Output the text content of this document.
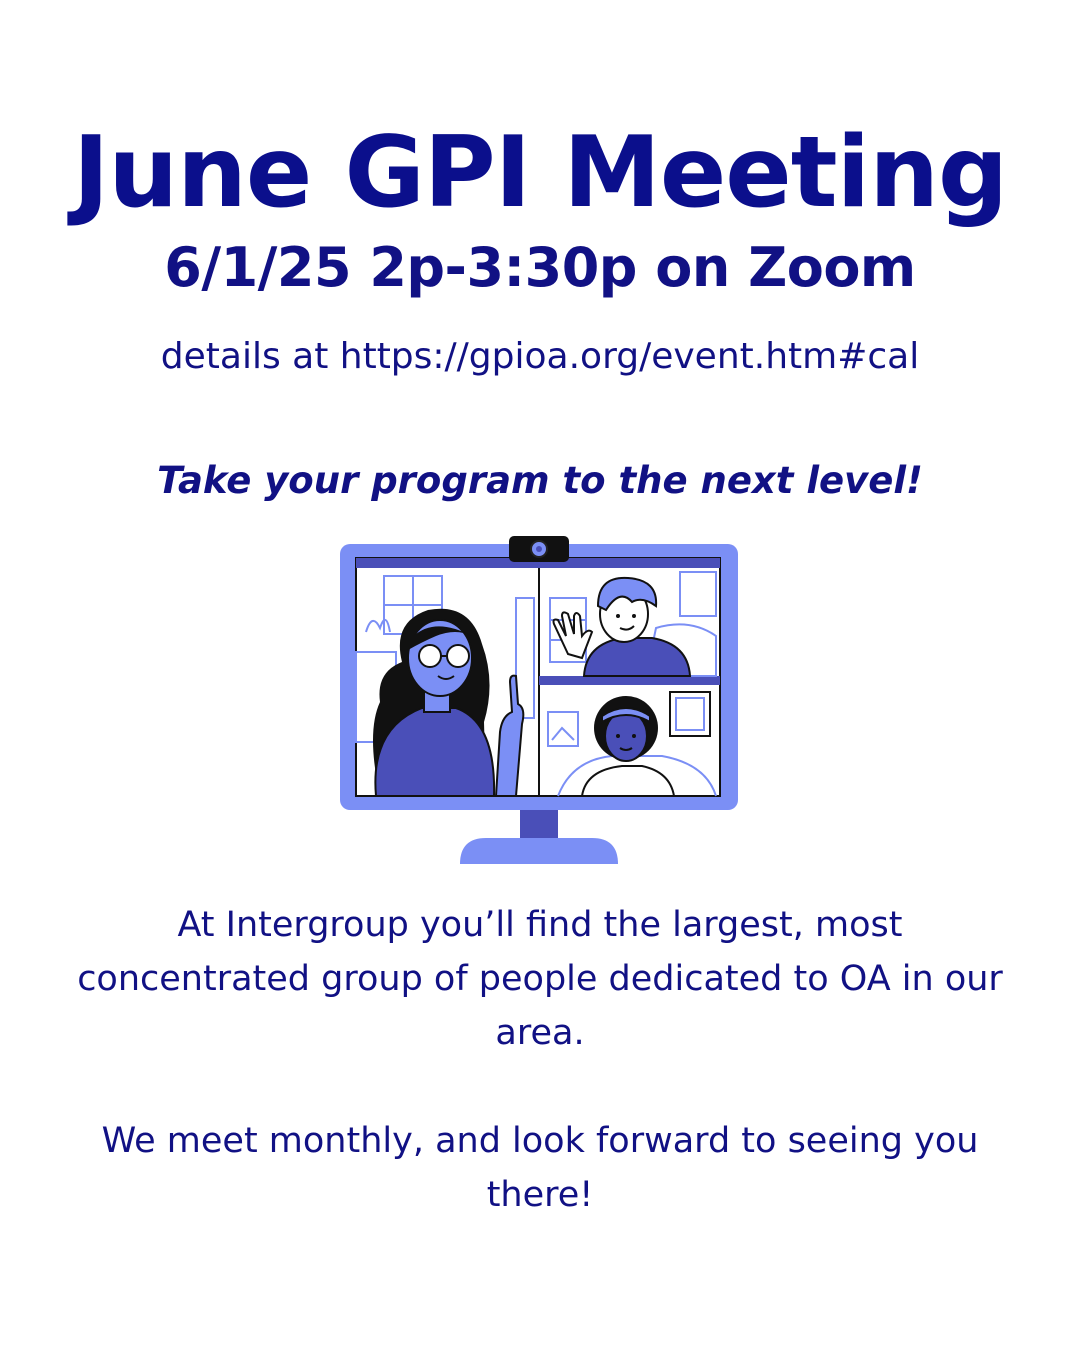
June GPI Meeting
6/1/25 2p-3:30p on Zoom
details at https://gpioa.org/event.htm#cal
Take your program to the next level!

At Intergroup you’ll find the largest, most concentrated group of people dedicated to OA in our area.

We meet monthly, and look forward to seeing you there!
